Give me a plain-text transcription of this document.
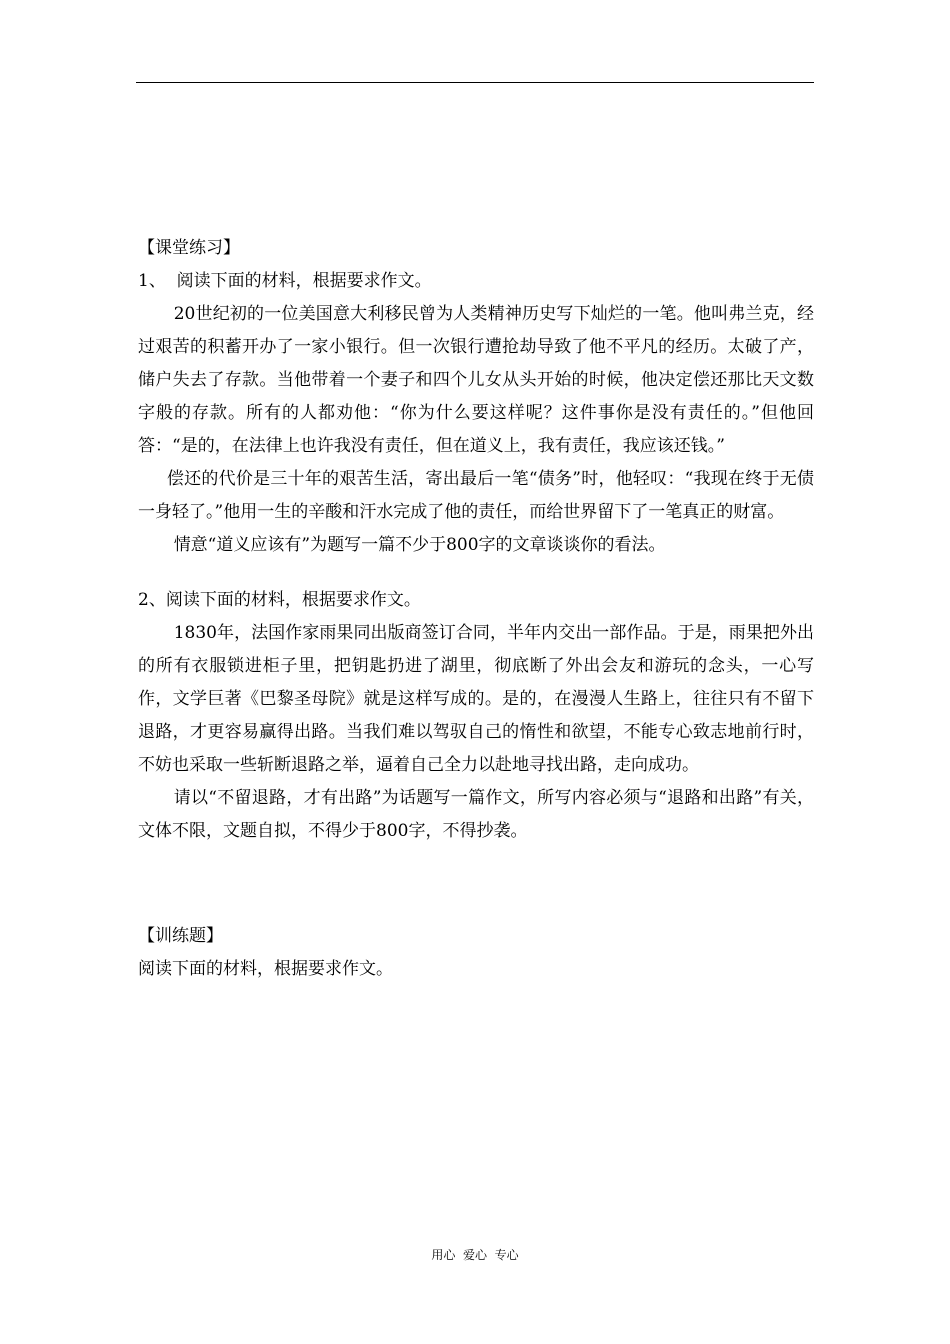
【课堂练习】
1、  阅读下面的材料，根据要求作文。
20世纪初的一位美国意大利移民曾为人类精神历史写下灿烂的一笔。他叫弗兰克，经过艰苦的积蓄开办了一家小银行。但一次银行遭抢劫导致了他不平凡的经历。太破了产，储户失去了存款。当他带着一个妻子和四个儿女从头开始的时候，他决定偿还那比天文数字般的存款。所有的人都劝他：“你为什么要这样呢？这件事你是没有责任的。”但他回答：“是的，在法律上也许我没有责任，但在道义上，我有责任，我应该还钱。”
偿还的代价是三十年的艰苦生活，寄出最后一笔“债务”时，他轻叹：“我现在终于无债一身轻了。”他用一生的辛酸和汗水完成了他的责任，而给世界留下了一笔真正的财富。
情意“道义应该有”为题写一篇不少于800字的文章谈谈你的看法。
2、阅读下面的材料，根据要求作文。
1830年，法国作家雨果同出版商签订合同，半年内交出一部作品。于是，雨果把外出的所有衣服锁进柜子里，把钥匙扔进了湖里，彻底断了外出会友和游玩的念头，一心写作，文学巨著《巴黎圣母院》就是这样写成的。是的，在漫漫人生路上，往往只有不留下退路，才更容易赢得出路。当我们难以驾驭自己的惰性和欲望，不能专心致志地前行时，不妨也采取一些斩断退路之举，逼着自己全力以赴地寻找出路，走向成功。
请以“不留退路，才有出路”为话题写一篇作文，所写内容必须与“退路和出路”有关，文体不限，文题自拟，不得少于800字，不得抄袭。
【训练题】
阅读下面的材料，根据要求作文。
用心  爱心  专心
